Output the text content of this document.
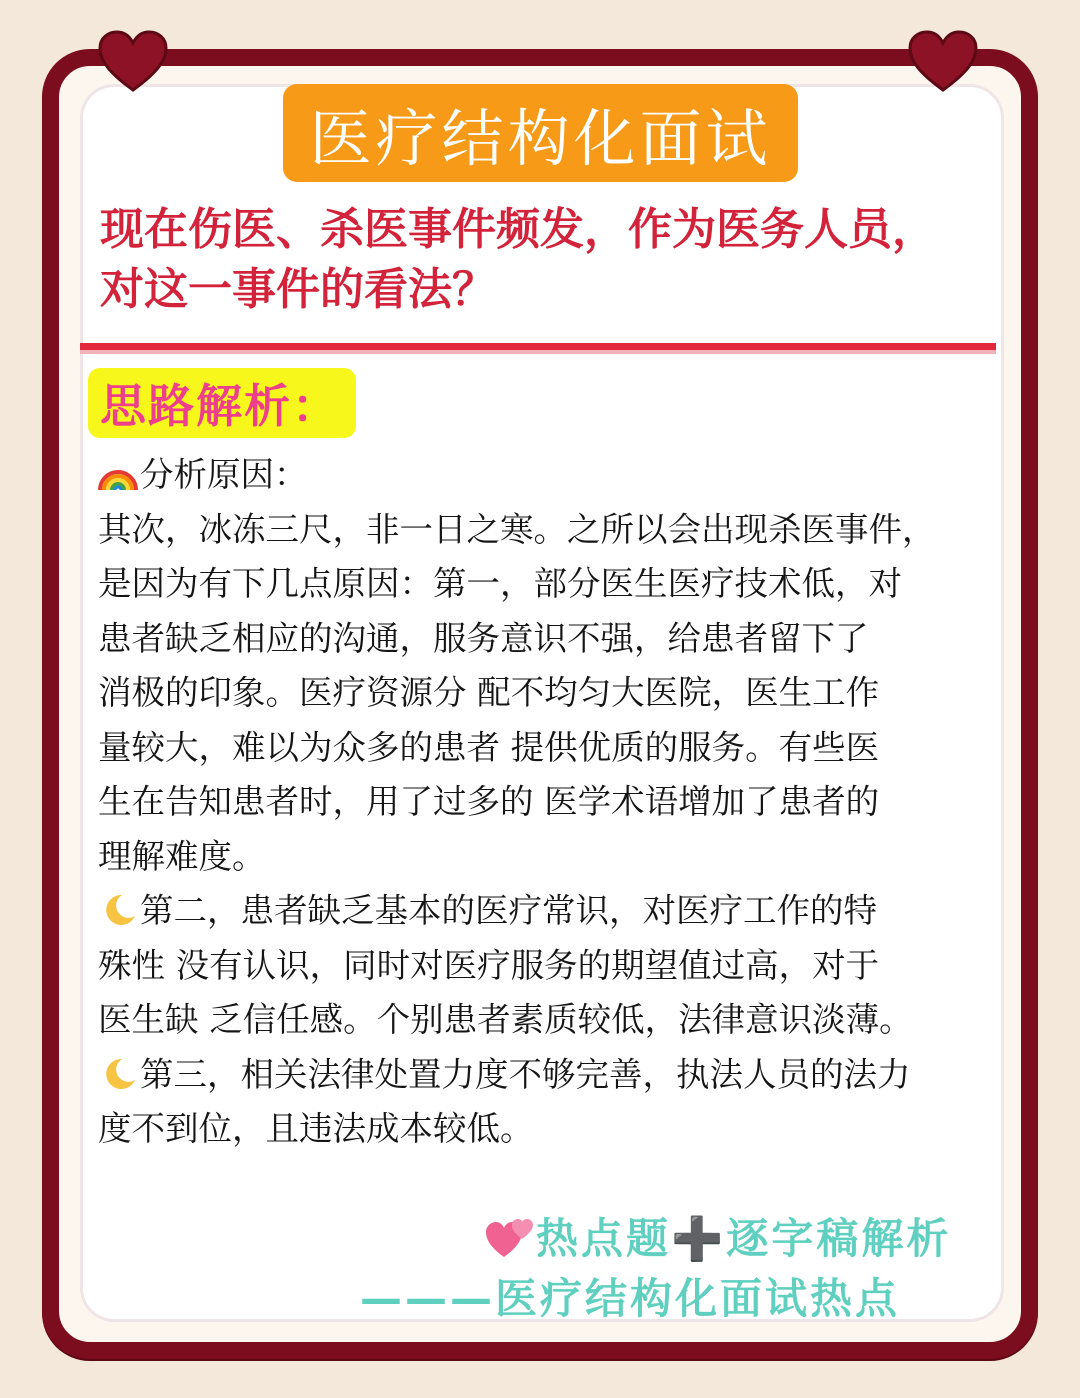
医疗结构化面试
现在伤医、杀医事件频发，作为医务人员，
对这一事件的看法？
思路解析：

分析原因：

其次，冰冻三尺，非一日之寒。之所以会出现杀医事件，

是因为有下几点原因：第一，部分医生医疗技术低，对

患者缺乏相应的沟通，服务意识不强，给患者留下了

消极的印象。医疗资源分 配不均匀大医院，医生工作

量较大，难以为众多的患者 提供优质的服务。有些医

生在告知患者时，用了过多的 医学术语增加了患者的

理解难度。

第二，患者缺乏基本的医疗常识，对医疗工作的特

殊性 没有认识，同时对医疗服务的期望值过高，对于

医生缺 乏信任感。个别患者素质较低，法律意识淡薄。

第三，相关法律处置力度不够完善，执法人员的法力

度不到位，且违法成本较低。

热点题➕逐字稿解析
———医疗结构化面试热点
